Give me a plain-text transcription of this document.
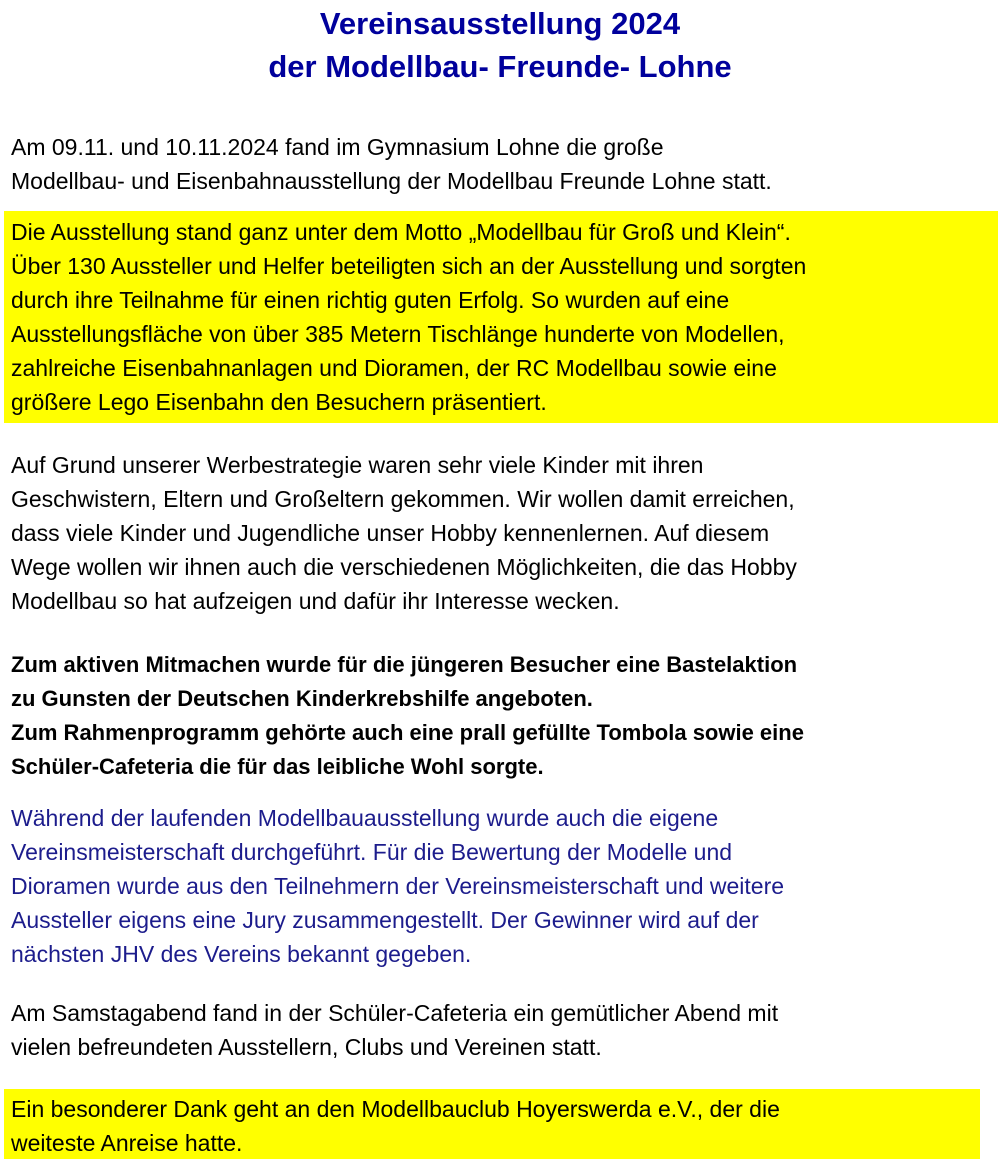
Vereinsausstellung 2024
der Modellbau- Freunde- Lohne
Am 09.11. und 10.11.2024 fand im Gymnasium Lohne die große
Modellbau- und Eisenbahnausstellung der Modellbau Freunde Lohne statt.
Die Ausstellung stand ganz unter dem Motto „Modellbau für Groß und Klein“.
Über 130 Aussteller und Helfer beteiligten sich an der Ausstellung und sorgten
durch ihre Teilnahme für einen richtig guten Erfolg. So wurden auf eine
Ausstellungsfläche von über 385 Metern Tischlänge hunderte von Modellen,
zahlreiche Eisenbahnanlagen und Dioramen, der RC Modellbau sowie eine
größere Lego Eisenbahn den Besuchern präsentiert.
Auf Grund unserer Werbestrategie waren sehr viele Kinder mit ihren
Geschwistern, Eltern und Großeltern gekommen. Wir wollen damit erreichen,
dass viele Kinder und Jugendliche unser Hobby kennenlernen. Auf diesem
Wege wollen wir ihnen auch die verschiedenen Möglichkeiten, die das Hobby
Modellbau so hat aufzeigen und dafür ihr Interesse wecken.
Zum aktiven Mitmachen wurde für die jüngeren Besucher eine Bastelaktion
zu Gunsten der Deutschen Kinderkrebshilfe angeboten.
Zum Rahmenprogramm gehörte auch eine prall gefüllte Tombola sowie eine
Schüler-Cafeteria die für das leibliche Wohl sorgte.
Während der laufenden Modellbauausstellung wurde auch die eigene
Vereinsmeisterschaft durchgeführt. Für die Bewertung der Modelle und
Dioramen wurde aus den Teilnehmern der Vereinsmeisterschaft und weitere
Aussteller eigens eine Jury zusammengestellt. Der Gewinner wird auf der
nächsten JHV des Vereins bekannt gegeben.
Am Samstagabend fand in der Schüler-Cafeteria ein gemütlicher Abend mit
vielen befreundeten Ausstellern, Clubs und Vereinen statt.
Ein besonderer Dank geht an den Modellbauclub Hoyerswerda e.V., der die
weiteste Anreise hatte.
